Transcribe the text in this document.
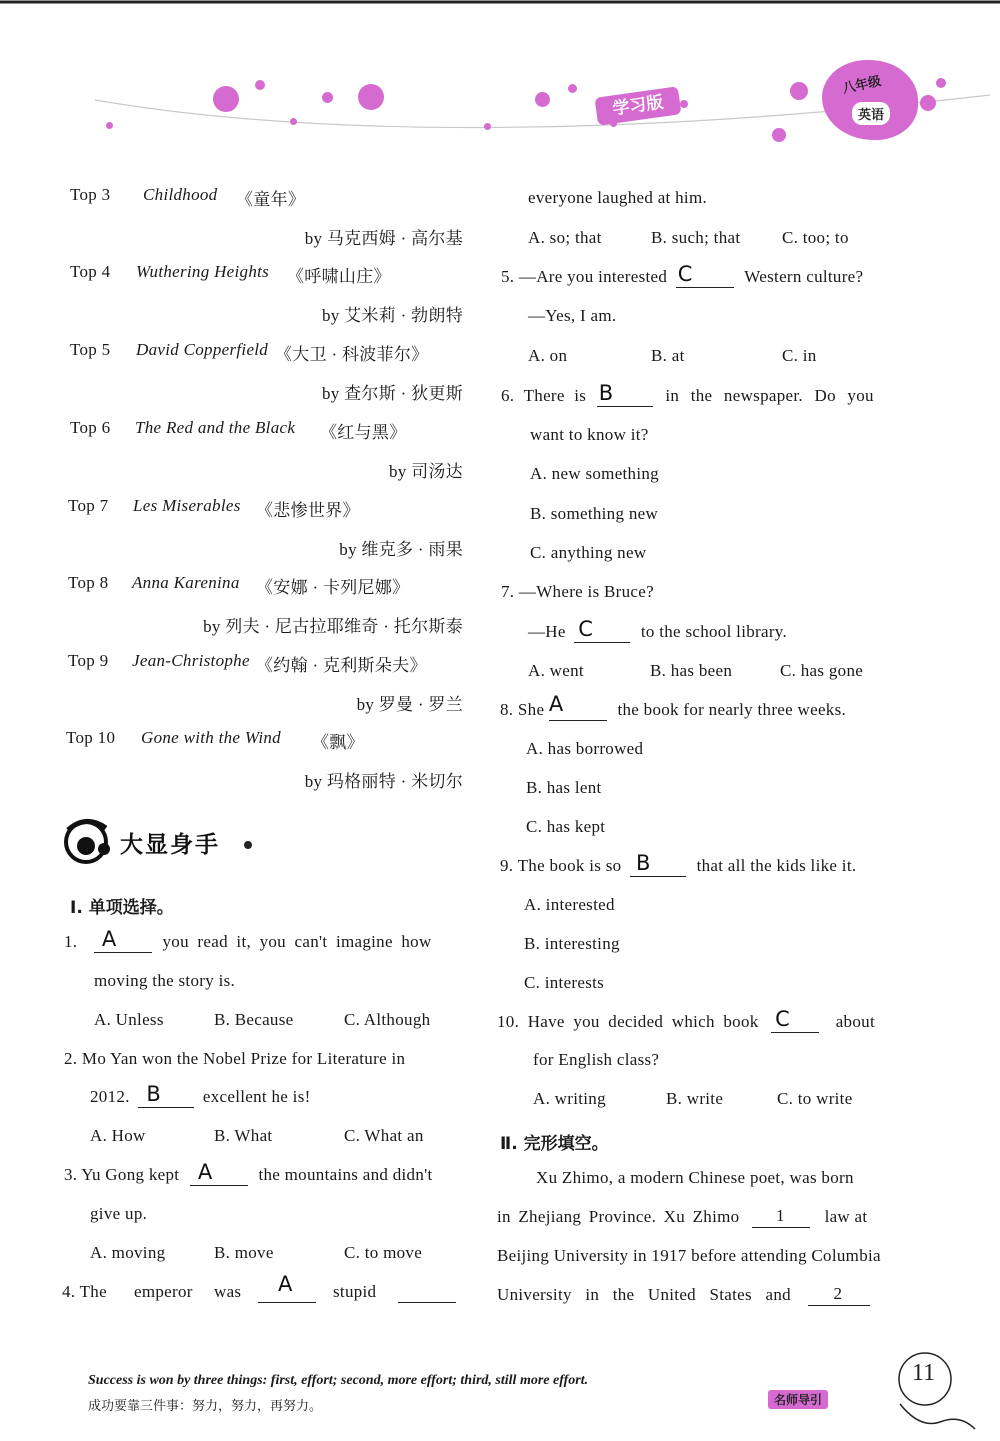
学习版
八年级
英语
Top 3 Childhood 《童年》
by 马克西姆 · 高尔基
Top 4 Wuthering Heights 《呼啸山庄》
by 艾米莉 · 勃朗特
Top 5 David Copperfield 《大卫 · 科波菲尔》
by 查尔斯 · 狄更斯
Top 6 The Red and the Black 《红与黑》
by 司汤达
Top 7 Les Miserables 《悲惨世界》
by 维克多 · 雨果
Top 8 Anna Karenina 《安娜 · 卡列尼娜》
by 列夫 · 尼古拉耶维奇 · 托尔斯泰
Top 9 Jean-Christophe 《约翰 · 克利斯朵夫》
by 罗曼 · 罗兰
Top 10 Gone with the Wind 《飘》
by 玛格丽特 · 米切尔
大显身手
Ⅰ. 单项选择。
1. A	you read it, you can't imagine how
moving the story is.
A. Unless	B. Because	C. Although
2. Mo Yan won the Nobel Prize for Literature in
2012. B excellent he is!
A. How	B. What	C. What an
3. Yu Gong kept A	the mountains and didn't
give up.
A. moving	B. move	C. to move
4. The emperor was A
stupid

everyone laughed at him.
A. so; that	B. such; that C. too; to
5. —Are you interested C	Western culture?
—Yes, I am.
A. on	B. at	C. in
6. There is B	in the newspaper. Do you
want to know it?
A. new something
B. something new
C. anything new
7. —Where is Bruce?
—He C	to the school library.
A. went	B. has been	C. has gone
8. She A	the book for nearly three weeks.
A. has borrowed
B. has lent
C. has kept
9. The book is so B	that all the kids like it.
A. interested
B. interesting
C. interests
10. Have you decided which book C	about
for English class?
A. writing	B. write	C. to write
Ⅱ. 完形填空。
Xu Zhimo, a modern Chinese poet, was born
in Zhejiang Province. Xu Zhimo 1 law at
Beijing University in 1917 before attending Columbia
University in the United States and	2

Success is won by three things: first, effort; second, more effort; third, still more effort.
成功要靠三件事：努力，努力，再努力。	名师导引
11
